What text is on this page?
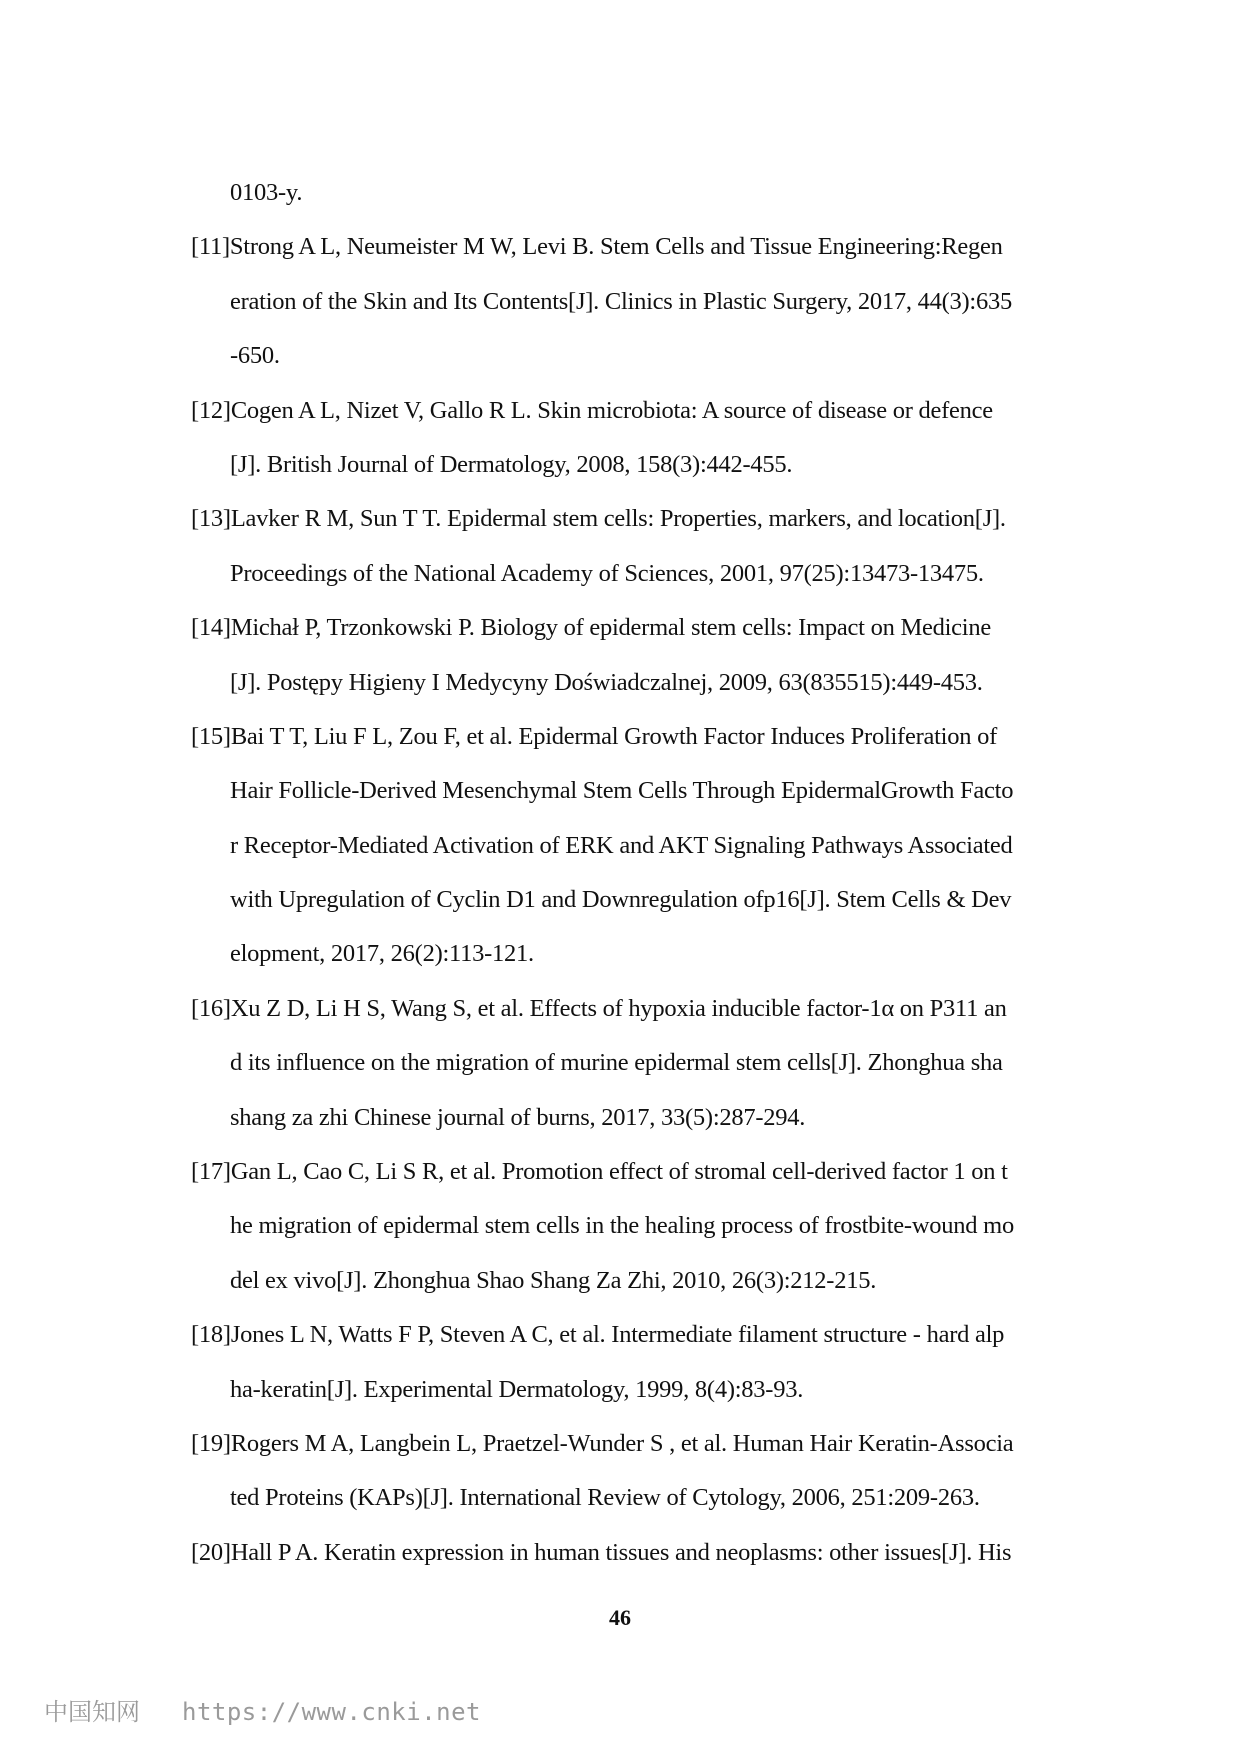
0103-y.
[11]Strong A L, Neumeister M W, Levi B. Stem Cells and Tissue Engineering:Regen
eration of the Skin and Its Contents[J]. Clinics in Plastic Surgery, 2017, 44(3):635
-650.
[12]Cogen A L, Nizet V, Gallo R L. Skin microbiota: A source of disease or defence
[J]. British Journal of Dermatology, 2008, 158(3):442-455.
[13]Lavker R M, Sun T T. Epidermal stem cells: Properties, markers, and location[J].
Proceedings of the National Academy of Sciences, 2001, 97(25):13473-13475.
[14]Michał P, Trzonkowski P. Biology of epidermal stem cells: Impact on Medicine
[J]. Postępy Higieny I Medycyny Doświadczalnej, 2009, 63(835515):449-453.
[15]Bai T T, Liu F L, Zou F, et al. Epidermal Growth Factor Induces Proliferation of
Hair Follicle-Derived Mesenchymal Stem Cells Through EpidermalGrowth Facto
r Receptor-Mediated Activation of ERK and AKT Signaling Pathways Associated
with Upregulation of Cyclin D1 and Downregulation ofp16[J]. Stem Cells & Dev
elopment, 2017, 26(2):113-121.
[16]Xu Z D, Li H S, Wang S, et al. Effects of hypoxia inducible factor-1α on P311 an
d its influence on the migration of murine epidermal stem cells[J]. Zhonghua sha
shang za zhi Chinese journal of burns, 2017, 33(5):287-294.
[17]Gan L, Cao C, Li S R, et al. Promotion effect of stromal cell-derived factor 1 on t
he migration of epidermal stem cells in the healing process of frostbite-wound mo
del ex vivo[J]. Zhonghua Shao Shang Za Zhi, 2010, 26(3):212-215.
[18]Jones L N, Watts F P, Steven A C, et al. Intermediate filament structure - hard alp
ha-keratin[J]. Experimental Dermatology, 1999, 8(4):83-93.
[19]Rogers M A, Langbein L, Praetzel-Wunder S , et al. Human Hair Keratin-Associa
ted Proteins (KAPs)[J]. International Review of Cytology, 2006, 251:209-263.
[20]Hall P A. Keratin expression in human tissues and neoplasms: other issues[J]. His
46
中国知网 https://www.cnki.net
